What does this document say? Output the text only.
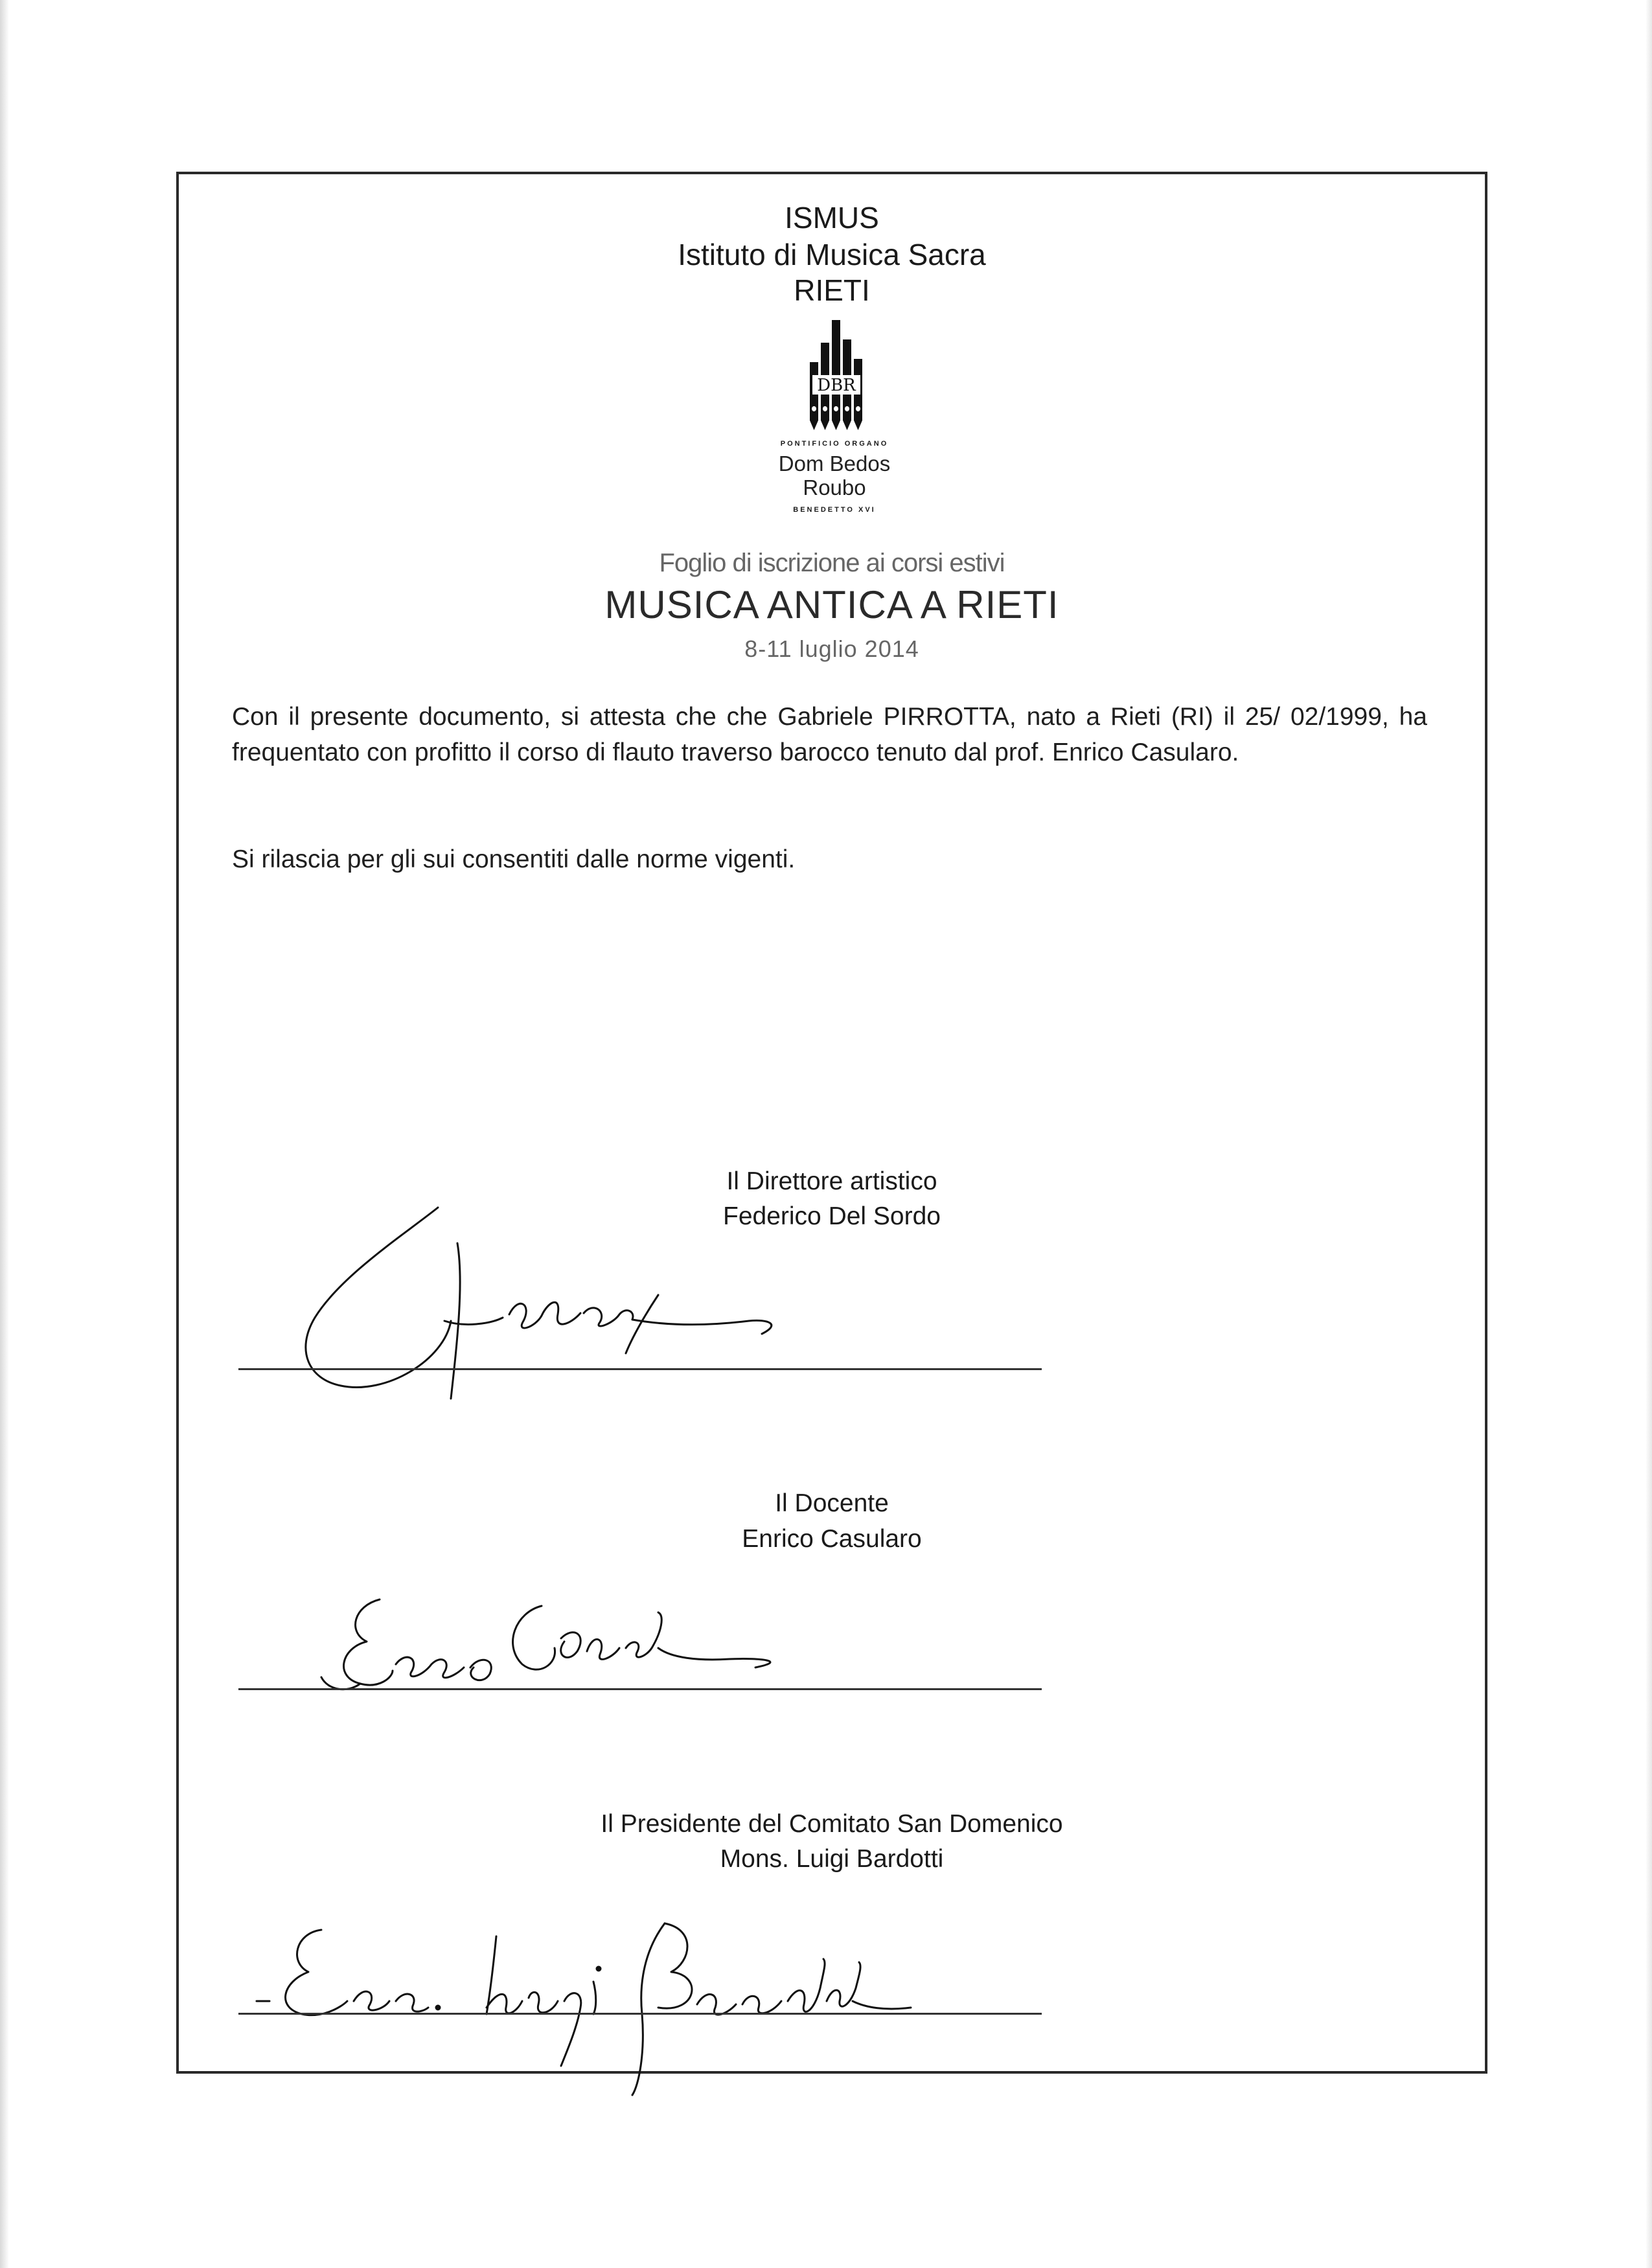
ISMUS
Istituto di Musica Sacra
RIETI
DBR
PONTIFICIO ORGANO
Dom Bedos
Roubo
BENEDETTO XVI
Foglio di iscrizione ai corsi estivi
MUSICA ANTICA A RIETI
8-11 luglio 2014
Con il presente documento, si attesta che che Gabriele PIRROTTA, nato a Rieti (RI) il 25/ 02/1999, ha frequentato con profitto il corso di flauto traverso barocco tenuto dal prof. Enrico Casularo.
Si rilascia per gli sui consentiti dalle norme vigenti.
Il Direttore artistico
Federico Del Sordo
Il Docente
Enrico Casularo
Il Presidente del Comitato San Domenico
Mons. Luigi Bardotti
